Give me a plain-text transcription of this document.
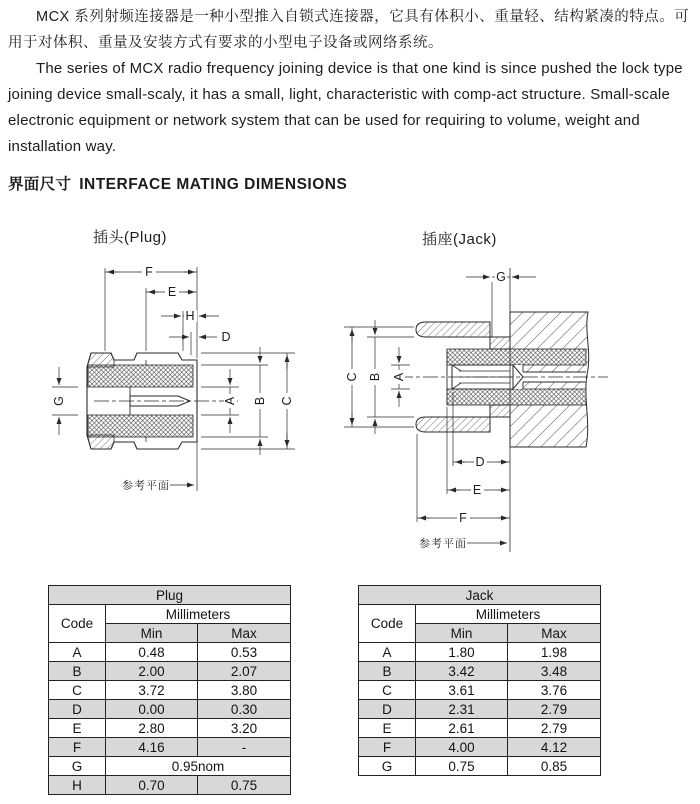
MCX 系列射频连接器是一种小型推入自锁式连接器，它具有体积小、重量轻、结构紧凑的特点。可用于对体积、重量及安装方式有要求的小型电子设备或网络系统。

The series of MCX radio frequency joining device is that one kind is since pushed the lock type joining device small-scaly, it has a small, light, characteristic with comp-act structure. Small-scale electronic equipment or network system that can be used for requiring to volume, weight and installation way.

界面尺寸 INTERFACE MATING DIMENSIONS
插头(Plug)	插座(Jack)
F
E
H
D
G	A B C
参考平面
G
C B A
D
E
F
参考平面
Plug		
Code	Millimeters	
	Min	Max
A	0.48	0.53
B	2.00	2.07
C	3.72	3.80
D	0.00	0.30
E	2.80	3.20
F	4.16	-
G	0.95nom	
H	0.70	0.75
Jack		
Code	Millimeters	
	Min	Max
A	1.80	1.98
B	3.42	3.48
C	3.61	3.76
D	2.31	2.79
E	2.61	2.79
F	4.00	4.12
G	0.75	0.85
